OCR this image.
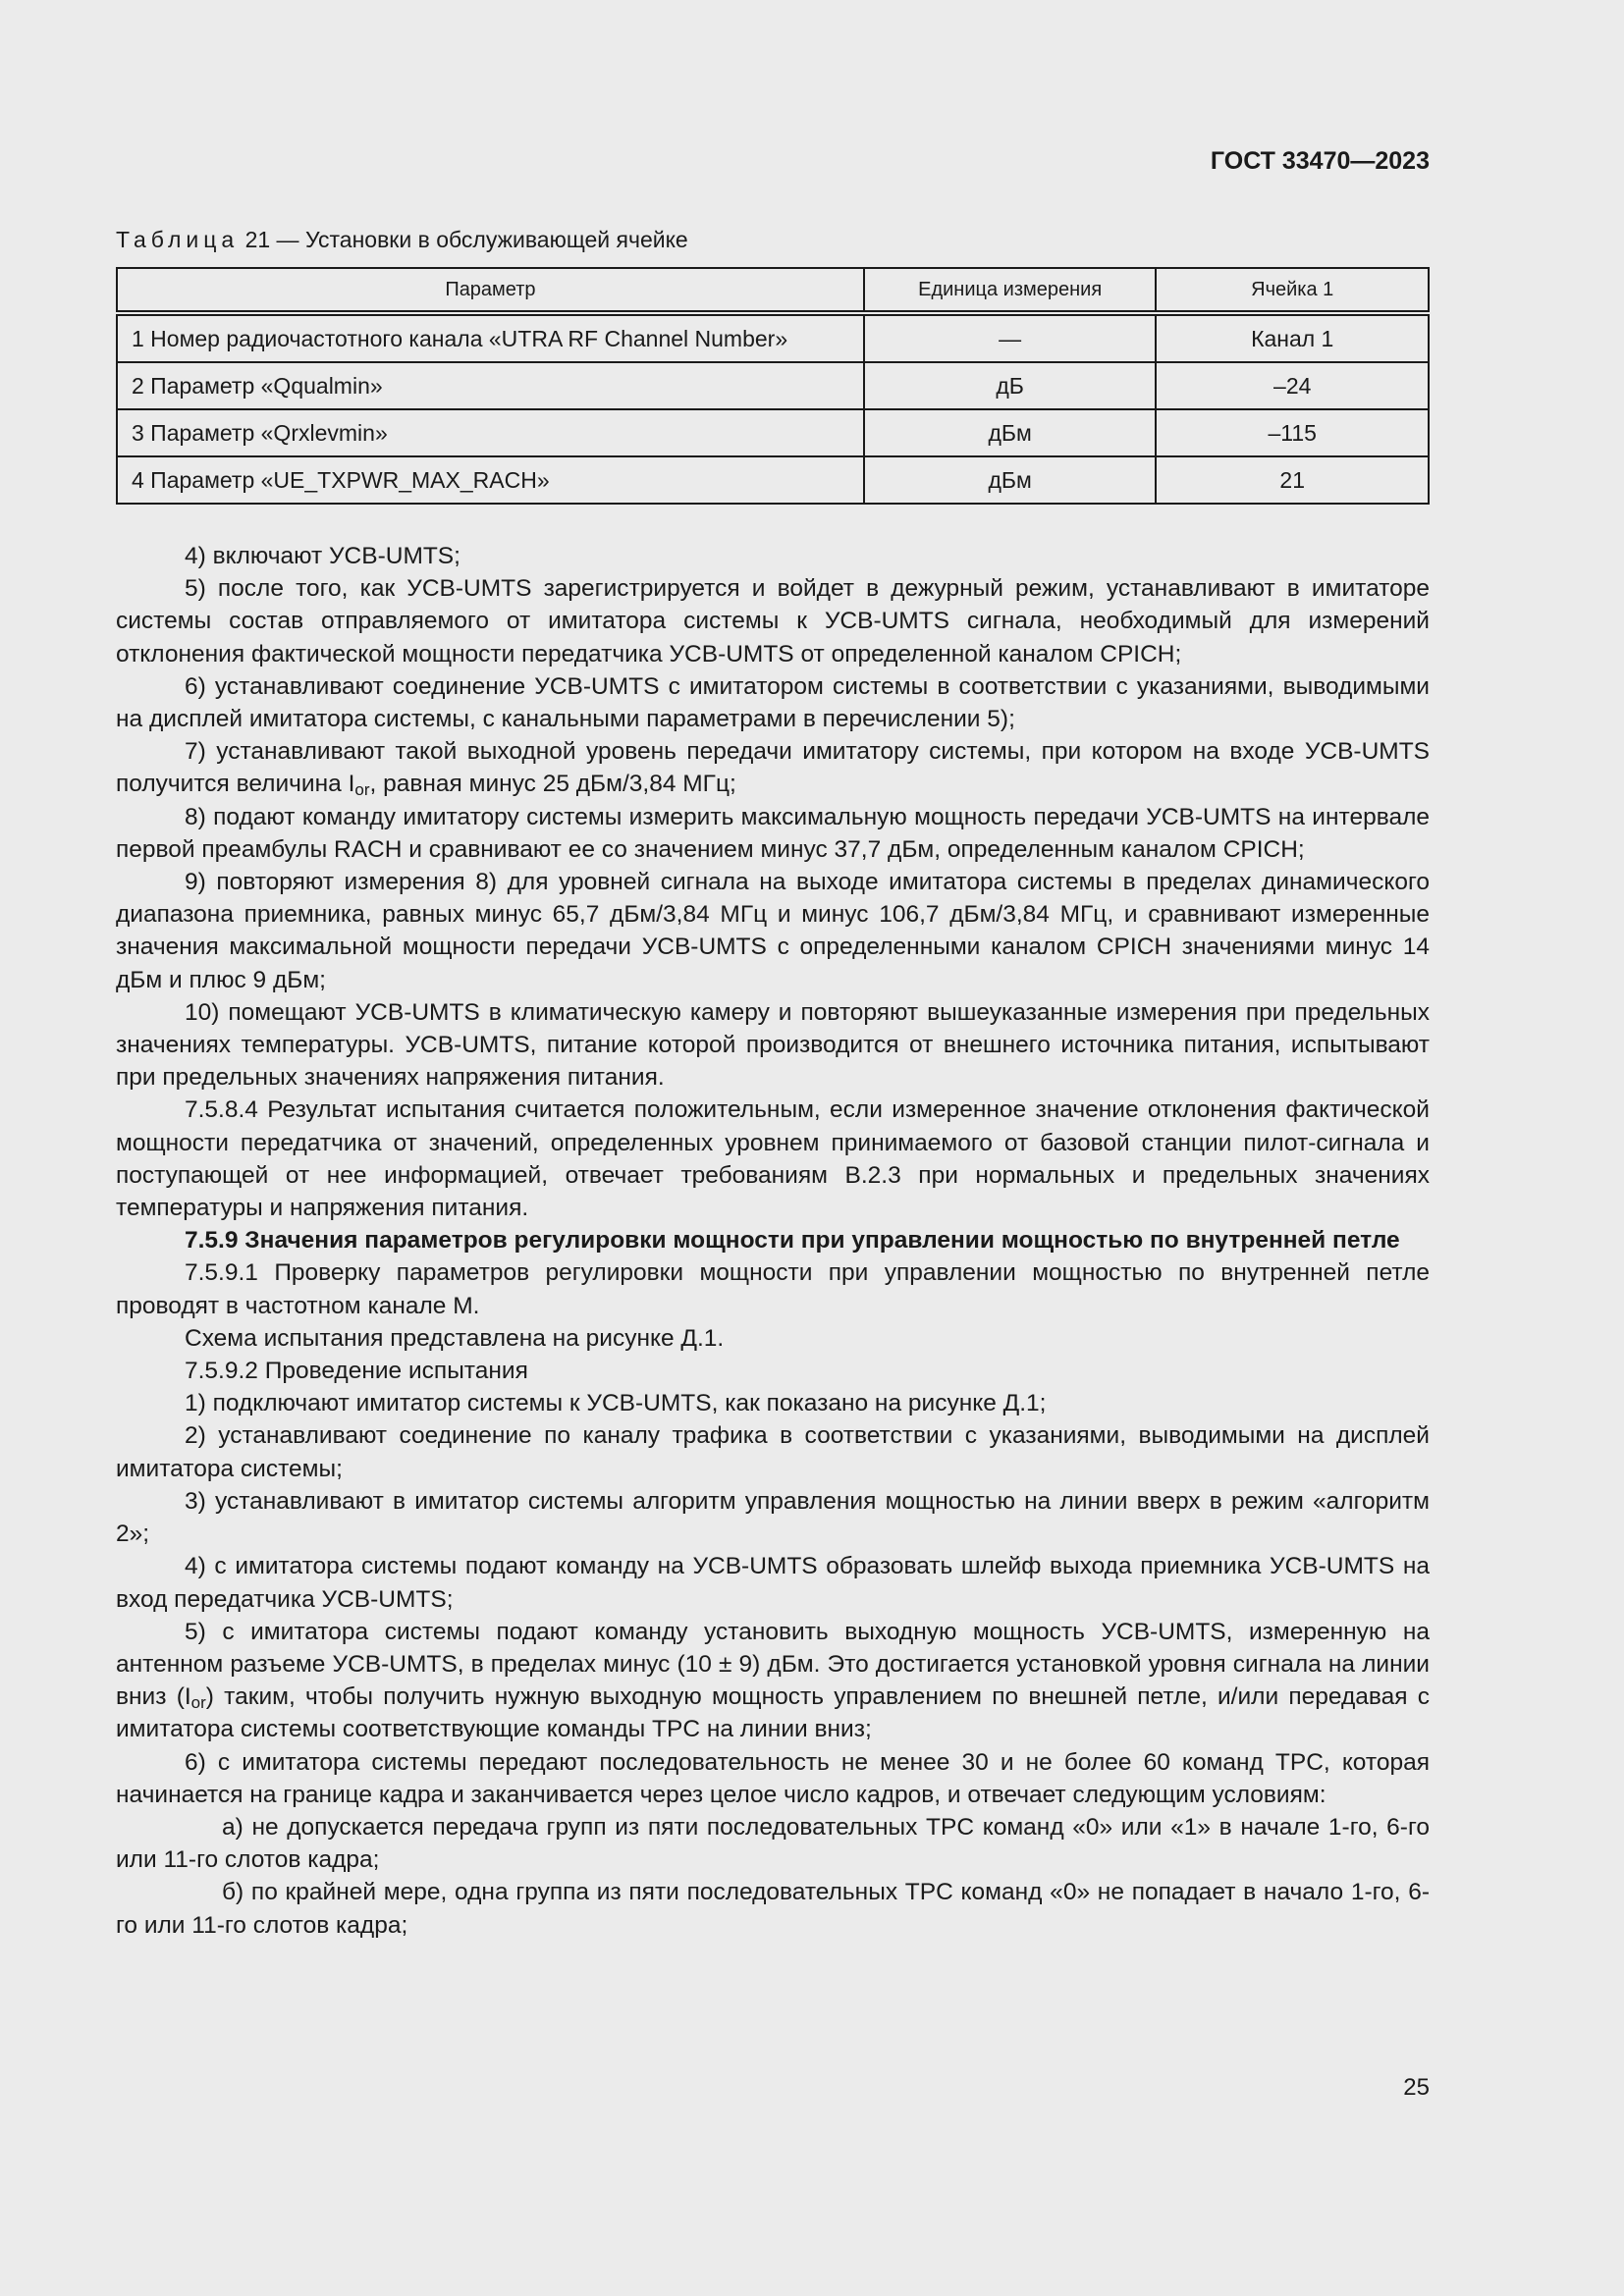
ГОСТ 33470—2023
Таблица 21 — Установки в обслуживающей ячейке
Параметр	Единица измерения	Ячейка 1
1 Номер радиочастотного канала «UTRA RF Channel Number»	—	Канал 1
2 Параметр «Qqualmin»	дБ	–24
3 Параметр «Qrxlevmin»	дБм	–115
4 Параметр «UE_TXPWR_MAX_RACH»	дБм	21

4) включают УСВ-UMTS;

5) после того, как УСВ-UMTS зарегистрируется и войдет в дежурный режим, устанавливают в имитаторе системы состав отправляемого от имитатора системы к УСВ-UMTS сигнала, необходимый для измерений отклонения фактической мощности передатчика УСВ-UMTS от определенной каналом CPICH;

6) устанавливают соединение УСВ-UMTS с имитатором системы в соответствии с указаниями, выводимыми на дисплей имитатора системы, с канальными параметрами в перечислении 5);

7) устанавливают такой выходной уровень передачи имитатору системы, при котором на входе УСВ-UMTS получится величина $I_{or}$, равная минус 25 дБм/3,84 МГц;

8) подают команду имитатору системы измерить максимальную мощность передачи УСВ-UMTS на интервале первой преамбулы RACH и сравнивают ее со значением минус 37,7 дБм, определенным каналом CPICH;

9) повторяют измерения 8) для уровней сигнала на выходе имитатора системы в пределах динамического диапазона приемника, равных минус 65,7 дБм/3,84 МГц и минус 106,7 дБм/3,84 МГц, и сравнивают измеренные значения максимальной мощности передачи УСВ-UMTS с определенными каналом CPICH значениями минус 14 дБм и плюс 9 дБм;

10) помещают УСВ-UMTS в климатическую камеру и повторяют вышеуказанные измерения при предельных значениях температуры. УСВ-UMTS, питание которой производится от внешнего источника питания, испытывают при предельных значениях напряжения питания.

7.5.8.4 Результат испытания считается положительным, если измеренное значение отклонения фактической мощности передатчика от значений, определенных уровнем принимаемого от базовой станции пилот-сигнала и поступающей от нее информацией, отвечает требованиям В.2.3 при нормальных и предельных значениях температуры и напряжения питания.

7.5.9 Значения параметров регулировки мощности при управлении мощностью по внутренней петле

7.5.9.1 Проверку параметров регулировки мощности при управлении мощностью по внутренней петле проводят в частотном канале М.

Схема испытания представлена на рисунке Д.1.

7.5.9.2 Проведение испытания

1) подключают имитатор системы к УСВ-UMTS, как показано на рисунке Д.1;

2) устанавливают соединение по каналу трафика в соответствии с указаниями, выводимыми на дисплей имитатора системы;

3) устанавливают в имитатор системы алгоритм управления мощностью на линии вверх в режим «алгоритм 2»;

4) с имитатора системы подают команду на УСВ-UMTS образовать шлейф выхода приемника УСВ-UMTS на вход передатчика УСВ-UMTS;

5) с имитатора системы подают команду установить выходную мощность УСВ-UMTS, измеренную на антенном разъеме УСВ-UMTS, в пределах минус (10 ± 9) дБм. Это достигается установкой уровня сигнала на линии вниз $(I_{or})$ таким, чтобы получить нужную выходную мощность управлением по внешней петле, и/или передавая с имитатора системы соответствующие команды TPC на линии вниз;

6) с имитатора системы передают последовательность не менее 30 и не более 60 команд TPC, которая начинается на границе кадра и заканчивается через целое число кадров, и отвечает следующим условиям:

а) не допускается передача групп из пяти последовательных TPC команд «0» или «1» в начале 1-го, 6-го или 11-го слотов кадра;

б) по крайней мере, одна группа из пяти последовательных TPC команд «0» не попадает в начало 1-го, 6-го или 11-го слотов кадра;

25
